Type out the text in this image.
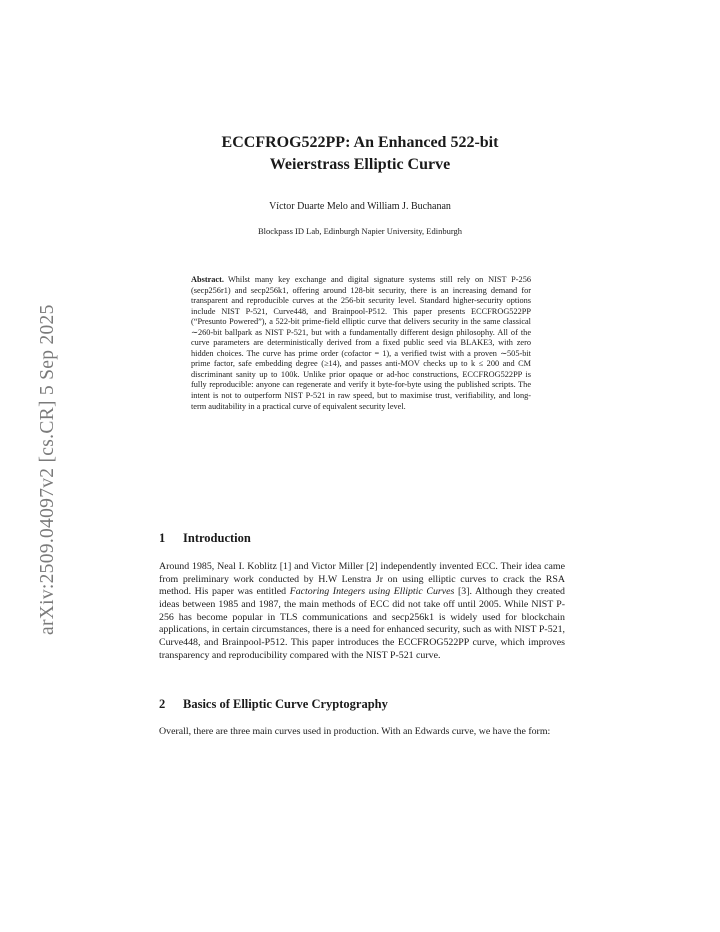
arXiv:2509.04097v2 [cs.CR] 5 Sep 2025
ECCFROG522PP: An Enhanced 522-bit
Weierstrass Elliptic Curve
Víctor Duarte Melo and William J. Buchanan
Blockpass ID Lab, Edinburgh Napier University, Edinburgh

Abstract. Whilst many key exchange and digital signature systems still rely on NIST P-256 (secp256r1) and secp256k1, offering around 128-bit security, there is an increasing demand for transparent and reproducible curves at the 256-bit security level. Standard higher-security options include NIST P-521, Curve448, and Brainpool-P512. This paper presents ECCFROG522PP (“Presunto Powered”), a 522-bit prime-field elliptic curve that delivers security in the same classical ∼260-bit ballpark as NIST P-521, but with a fundamentally different design philosophy. All of the curve parameters are deterministically derived from a fixed public seed via BLAKE3, with zero hidden choices. The curve has prime order (cofactor = 1), a verified twist with a proven ∼505-bit prime factor, safe embedding degree (≥14), and passes anti-MOV checks up to k ≤ 200 and CM discriminant sanity up to 100k. Unlike prior opaque or ad-hoc constructions, ECCFROG522PP is fully reproducible: anyone can regenerate and verify it byte-for-byte using the published scripts. The intent is not to outperform NIST P-521 in raw speed, but to maximise trust, verifiability, and long-term auditability in a practical curve of equivalent security level.

1 Introduction

Around 1985, Neal I. Koblitz [1] and Victor Miller [2] independently invented ECC. Their idea came from preliminary work conducted by H.W Lenstra Jr on using elliptic curves to crack the RSA method. His paper was entitled Factoring Integers using Elliptic Curves [3]. Although they created ideas between 1985 and 1987, the main methods of ECC did not take off until 2005. While NIST P-256 has become popular in TLS communications and secp256k1 is widely used for blockchain applications, in certain circumstances, there is a need for enhanced security, such as with NIST P-521, Curve448, and Brainpool-P512. This paper introduces the ECCFROG522PP curve, which improves transparency and reproducibility compared with the NIST P-521 curve.

2 Basics of Elliptic Curve Cryptography

Overall, there are three main curves used in production. With an Edwards curve, we have the form:
